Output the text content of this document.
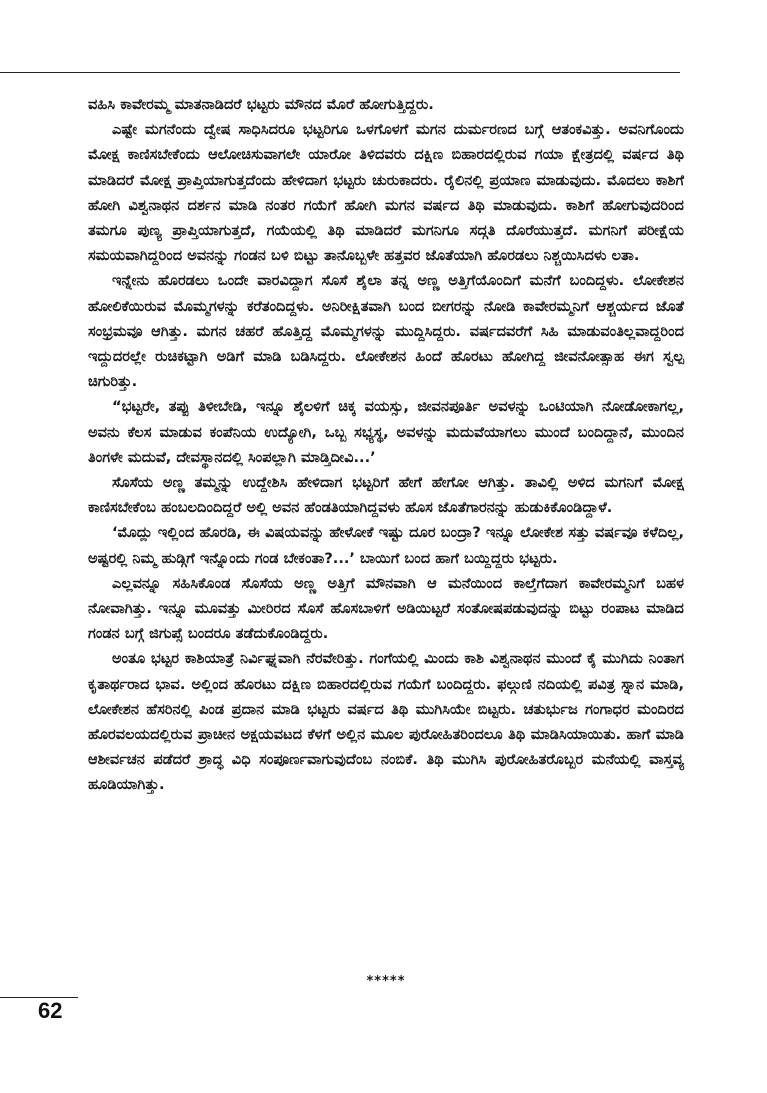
ವಹಿಸಿ ಕಾವೇರಮ್ಮ ಮಾತನಾಡಿದರೆ ಭಟ್ಟರು ಮೌನದ ಮೊರೆ ಹೋಗುತ್ತಿದ್ದರು.

ಎಷ್ಟೇ ಮಗನೆಂದು ದ್ವೇಷ ಸಾಧಿಸಿದರೂ ಭಟ್ಟರಿಗೂ ಒಳಗೊಳಗೆ ಮಗನ ದುರ್ಮರಣದ ಬಗ್ಗೆ ಆತಂಕವಿತ್ತು. ಅವನಿಗೊಂದು ಮೋಕ್ಷ ಕಾಣಿಸಬೇಕೆಂದು ಆಲೋಚಿಸುವಾಗಲೇ ಯಾರೋ ತಿಳಿದವರು ದಕ್ಷಿಣ ಬಿಹಾರದಲ್ಲಿರುವ ಗಯಾ ಕ್ಷೇತ್ರದಲ್ಲಿ ವರ್ಷದ ತಿಥಿ ಮಾಡಿದರೆ ಮೋಕ್ಷ ಪ್ರಾಪ್ತಿಯಾಗುತ್ತದೆಂದು ಹೇಳಿದಾಗ ಭಟ್ಟರು ಚುರುಕಾದರು. ರೈಲಿನಲ್ಲಿ ಪ್ರಯಾಣ ಮಾಡುವುದು. ಮೊದಲು ಕಾಶಿಗೆ ಹೋಗಿ ವಿಶ್ವನಾಥನ ದರ್ಶನ ಮಾಡಿ ನಂತರ ಗಯೆಗೆ ಹೋಗಿ ಮಗನ ವರ್ಷದ ತಿಥಿ ಮಾಡುವುದು. ಕಾಶಿಗೆ ಹೋಗುವುದರಿಂದ ತಮಗೂ ಪುಣ್ಯ ಪ್ರಾಪ್ತಿಯಾಗುತ್ತದೆ, ಗಯೆಯಲ್ಲಿ ತಿಥಿ ಮಾಡಿದರೆ ಮಗನಿಗೂ ಸದ್ಗತಿ ದೊರೆಯುತ್ತದೆ. ಮಗನಿಗೆ ಪರೀಕ್ಷೆಯ ಸಮಯವಾಗಿದ್ದರಿಂದ ಅವನನ್ನು ಗಂಡನ ಬಳಿ ಬಿಟ್ಟು ತಾನೊಬ್ಬಳೇ ಹತ್ತವರ ಜೊತೆಯಾಗಿ ಹೊರಡಲು ನಿಶ್ಚಯಿಸಿದಳು ಲತಾ.

ಇನ್ನೇನು ಹೊರಡಲು ಒಂದೇ ವಾರವಿದ್ದಾಗ ಸೊಸೆ ಶೈಲಾ ತನ್ನ ಅಣ್ಣ ಅತ್ತಿಗೆಯೊಂದಿಗೆ ಮನೆಗೆ ಬಂದಿದ್ದಳು. ಲೋಕೇಶನ ಹೋಲಿಕೆಯಿರುವ ಮೊಮ್ಮಗಳನ್ನು ಕರೆತಂದಿದ್ದಳು. ಅನಿರೀಕ್ಷಿತವಾಗಿ ಬಂದ ಬೀಗರನ್ನು ನೋಡಿ ಕಾವೇರಮ್ಮನಿಗೆ ಆಶ್ಚರ್ಯದ ಜೊತೆ ಸಂಭ್ರಮವೂ ಆಗಿತ್ತು. ಮಗನ ಚಹರೆ ಹೊತ್ತಿದ್ದ ಮೊಮ್ಮಗಳನ್ನು ಮುದ್ದಿಸಿದ್ದರು. ವರ್ಷದವರೆಗೆ ಸಿಹಿ ಮಾಡುವಂತಿಲ್ಲವಾದ್ದರಿಂದ ಇದ್ದುದರಲ್ಲೇ ರುಚಿಕಟ್ಟಾಗಿ ಅಡಿಗೆ ಮಾಡಿ ಬಡಿಸಿದ್ದರು. ಲೋಕೇಶನ ಹಿಂದೆ ಹೊರಟು ಹೋಗಿದ್ದ ಜೀವನೋತ್ಸಾಹ ಈಗ ಸ್ವಲ್ಪ ಚಿಗುರಿತ್ತು.

“ಭಟ್ಟರೇ, ತಪ್ಪು ತಿಳೀಬೇಡಿ, ಇನ್ನೂ ಶೈಲಳಿಗೆ ಚಿಕ್ಕ ವಯಸ್ಸು, ಜೀವನಪೂರ್ತಿ ಅವಳನ್ನು ಒಂಟಿಯಾಗಿ ನೋಡೋಕಾಗಲ್ಲ, ಅವನು ಕೆಲಸ ಮಾಡುವ ಕಂಪೆನಿಯ ಉದ್ಯೋಗಿ, ಒಬ್ಬ ಸಭ್ಯಸ್ಥ, ಅವಳನ್ನು ಮದುವೆಯಾಗಲು ಮುಂದೆ ಬಂದಿದ್ದಾನೆ, ಮುಂದಿನ ತಿಂಗಳೇ ಮದುವೆ, ದೇವಸ್ಥಾನದಲ್ಲಿ ಸಿಂಪಲ್ಲಾಗಿ ಮಾಡ್ತಿದೀವಿ...’

ಸೊಸೆಯ ಅಣ್ಣ ತಮ್ಮನ್ನು ಉದ್ದೇಶಿಸಿ ಹೇಳಿದಾಗ ಭಟ್ಟರಿಗೆ ಹೇಗೆ ಹೇಗೋ ಆಗಿತ್ತು. ತಾವಿಲ್ಲಿ ಅಳಿದ ಮಗನಿಗೆ ಮೋಕ್ಷ ಕಾಣಿಸಬೇಕೆಂಬ ಹಂಬಲದಿಂದಿದ್ದರೆ ಅಲ್ಲಿ ಅವನ ಹೆಂಡತಿಯಾಗಿದ್ದವಳು ಹೊಸ ಜೊತೆಗಾರನನ್ನು ಹುಡುಕಿಕೊಂಡಿದ್ದಾಳೆ.

‘ಮೊದ್ಲು ಇಲ್ಲಿಂದ ಹೊರಡಿ, ಈ ವಿಷಯವನ್ನು ಹೇಳೋಕೆ ಇಷ್ಟು ದೂರ ಬಂದ್ರಾ? ಇನ್ನೂ ಲೋಕೇಶ ಸತ್ತು ವರ್ಷವೂ ಕಳೆದಿಲ್ಲ, ಅಷ್ಟರಲ್ಲಿ ನಿಮ್ಮ ಹುಡ್ಗಿಗೆ ಇನ್ನೊಂದು ಗಂಡ ಬೇಕಂತಾ?...’ ಬಾಯಿಗೆ ಬಂದ ಹಾಗೆ ಬಯ್ದಿದ್ದರು ಭಟ್ಟರು.

ಎಲ್ಲವನ್ನೂ ಸಹಿಸಿಕೊಂಡ ಸೊಸೆಯ ಅಣ್ಣ ಅತ್ತಿಗೆ ಮೌನವಾಗಿ ಆ ಮನೆಯಿಂದ ಕಾಲ್ತೆಗೆದಾಗ ಕಾವೇರಮ್ಮನಿಗೆ ಬಹಳ ನೋವಾಗಿತ್ತು. ಇನ್ನೂ ಮೂವತ್ತು ಮೀರಿರದ ಸೊಸೆ ಹೊಸಬಾಳಿಗೆ ಅಡಿಯಿಟ್ಟರೆ ಸಂತೋಷಪಡುವುದನ್ನು ಬಿಟ್ಟು ರಂಪಾಟ ಮಾಡಿದ ಗಂಡನ ಬಗ್ಗೆ ಜಿಗುಪ್ಸೆ ಬಂದರೂ ತಡೆದುಕೊಂಡಿದ್ದರು.

ಅಂತೂ ಭಟ್ಟರ ಕಾಶಿಯಾತ್ರೆ ನಿರ್ವಿಘ್ನವಾಗಿ ನೆರವೇರಿತ್ತು. ಗಂಗೆಯಲ್ಲಿ ಮಿಂದು ಕಾಶಿ ವಿಶ್ವನಾಥನ ಮುಂದೆ ಕೈ ಮುಗಿದು ನಿಂತಾಗ ಕೃತಾರ್ಥರಾದ ಭಾವ. ಅಲ್ಲಿಂದ ಹೊರಟು ದಕ್ಷಿಣ ಬಿಹಾರದಲ್ಲಿರುವ ಗಯೆಗೆ ಬಂದಿದ್ದರು. ಫಲ್ಗುಣಿ ನದಿಯಲ್ಲಿ ಪವಿತ್ರ ಸ್ನಾನ ಮಾಡಿ, ಲೋಕೇಶನ ಹೆಸರಿನಲ್ಲಿ ಪಿಂಡ ಪ್ರದಾನ ಮಾಡಿ ಭಟ್ಟರು ವರ್ಷದ ತಿಥಿ ಮುಗಿಸಿಯೇ ಬಿಟ್ಟರು. ಚತುರ್ಭುಜ ಗಂಗಾಧರ ಮಂದಿರದ ಹೊರವಲಯದಲ್ಲಿರುವ ಪ್ರಾಚೀನ ಅಕ್ಷಯವಟದ ಕೆಳಗೆ ಅಲ್ಲಿನ ಮೂಲ ಪುರೋಹಿತರಿಂದಲೂ ತಿಥಿ ಮಾಡಿಸಿಯಾಯಿತು. ಹಾಗೆ ಮಾಡಿ ಆಶೀರ್ವಚನ ಪಡೆದರೆ ಶ್ರಾದ್ಧ ವಿಧಿ ಸಂಪೂರ್ಣವಾಗುವುದೆಂಬ ನಂಬಿಕೆ. ತಿಥಿ ಮುಗಿಸಿ ಪುರೋಹಿತರೊಬ್ಬರ ಮನೆಯಲ್ಲಿ ವಾಸ್ತವ್ಯ ಹೂಡಿಯಾಗಿತ್ತು.

*****
62
